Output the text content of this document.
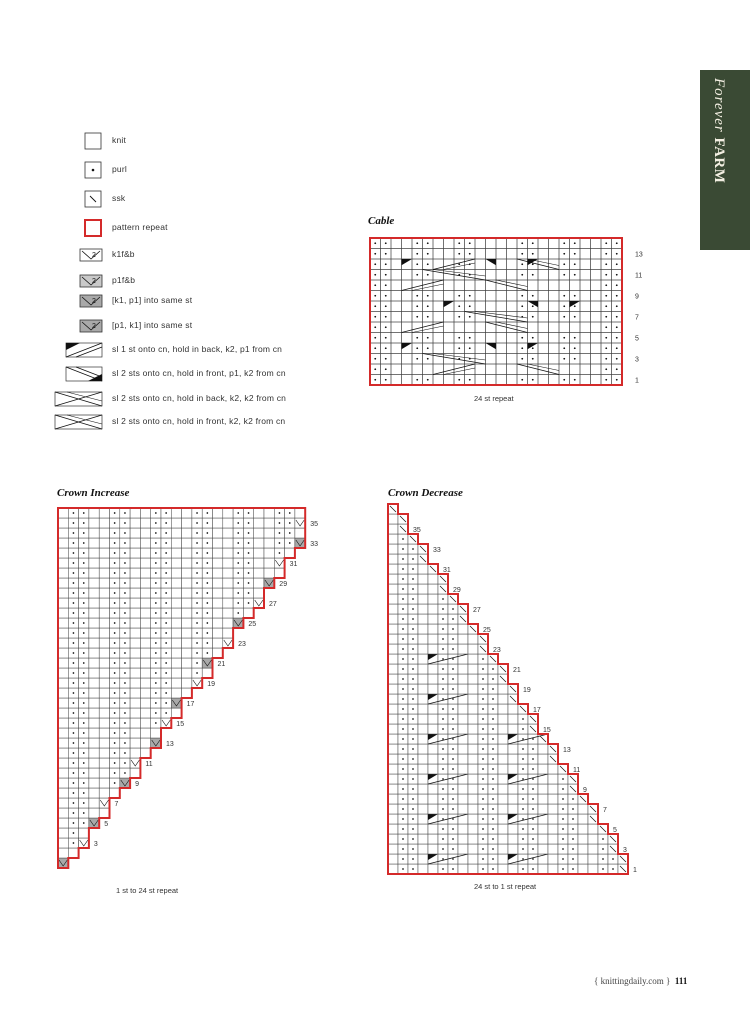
Forever FARM
knit
purl
ssk
pattern repeat
2 k1f&b
2 p1f&b
2 [k1, p1] into same st
2 [p1, k1] into same st
sl 1 st onto cn, hold in back, k2, p1 from cn
sl 2 sts onto cn, hold in front, p1, k2 from cn
sl 2 sts onto cn, hold in back, k2, k2 from cn
sl 2 sts onto cn, hold in front, k2, k2 from cn
Cable
13
11
9
7
5
3
1
24 st repeat
Crown Increase
35
33
31
29
27
25
23
21
19
17
15
13
11
9
7
5
3
1 st to 24 st repeat
Crown Decrease
35
33
31
29
27
25
23
21
19
17
15
13
11
9
7
5
3
1
24 st to 1 st repeat
{ knittingdaily.com } 111
